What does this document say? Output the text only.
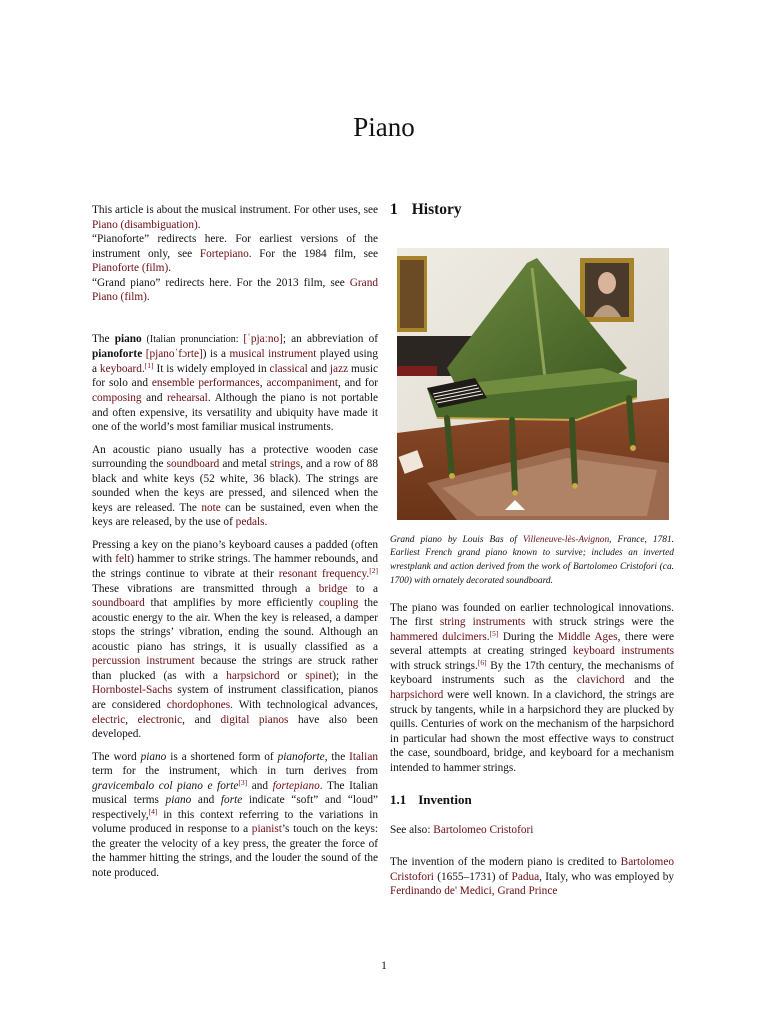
Piano

This article is about the musical instrument. For other uses, see Piano (disambiguation).

“Pianoforte” redirects here. For earliest versions of the instrument only, see Fortepiano. For the 1984 film, see Pianoforte (film).

“Grand piano” redirects here. For the 2013 film, see Grand Piano (film).

The piano (Italian pronunciation: [ˈpjaːno]; an abbreviation of pianoforte [pjanoˈfɔrte]) is a musical instrument played using a keyboard.[1] It is widely employed in classical and jazz music for solo and ensemble performances, accompaniment, and for composing and rehearsal. Although the piano is not portable and often expensive, its versatility and ubiquity have made it one of the world’s most familiar musical instruments.

An acoustic piano usually has a protective wooden case surrounding the soundboard and metal strings, and a row of 88 black and white keys (52 white, 36 black). The strings are sounded when the keys are pressed, and silenced when the keys are released. The note can be sustained, even when the keys are released, by the use of pedals.

Pressing a key on the piano’s keyboard causes a padded (often with felt) hammer to strike strings. The hammer rebounds, and the strings continue to vibrate at their resonant frequency.[2] These vibrations are transmitted through a bridge to a soundboard that amplifies by more efficiently coupling the acoustic energy to the air. When the key is released, a damper stops the strings’ vibration, ending the sound. Although an acoustic piano has strings, it is usually classified as a percussion instrument because the strings are struck rather than plucked (as with a harpsichord or spinet); in the Hornbostel-Sachs system of instrument classification, pianos are considered chordophones. With technological advances, electric, electronic, and digital pianos have also been developed.

The word piano is a shortened form of pianoforte, the Italian term for the instrument, which in turn derives from gravicembalo col piano e forte[3] and fortepiano. The Italian musical terms piano and forte indicate “soft” and “loud” respectively,[4] in this context referring to the variations in volume produced in response to a pianist’s touch on the keys: the greater the velocity of a key press, the greater the force of the hammer hitting the strings, and the louder the sound of the note produced.

1 History

Grand piano by Louis Bas of Villeneuve-lès-Avignon, France, 1781. Earliest French grand piano known to survive; includes an inverted wrestplank and action derived from the work of Bartolomeo Cristofori (ca. 1700) with ornately decorated soundboard.

The piano was founded on earlier technological innovations. The first string instruments with struck strings were the hammered dulcimers.[5] During the Middle Ages, there were several attempts at creating stringed keyboard instruments with struck strings.[6] By the 17th century, the mechanisms of keyboard instruments such as the clavichord and the harpsichord were well known. In a clavichord, the strings are struck by tangents, while in a harpsichord they are plucked by quills. Centuries of work on the mechanism of the harpsichord in particular had shown the most effective ways to construct the case, soundboard, bridge, and keyboard for a mechanism intended to hammer strings.

1.1 Invention

See also: Bartolomeo Cristofori

The invention of the modern piano is credited to Bartolomeo Cristofori (1655–1731) of Padua, Italy, who was employed by Ferdinando de' Medici, Grand Prince

1
